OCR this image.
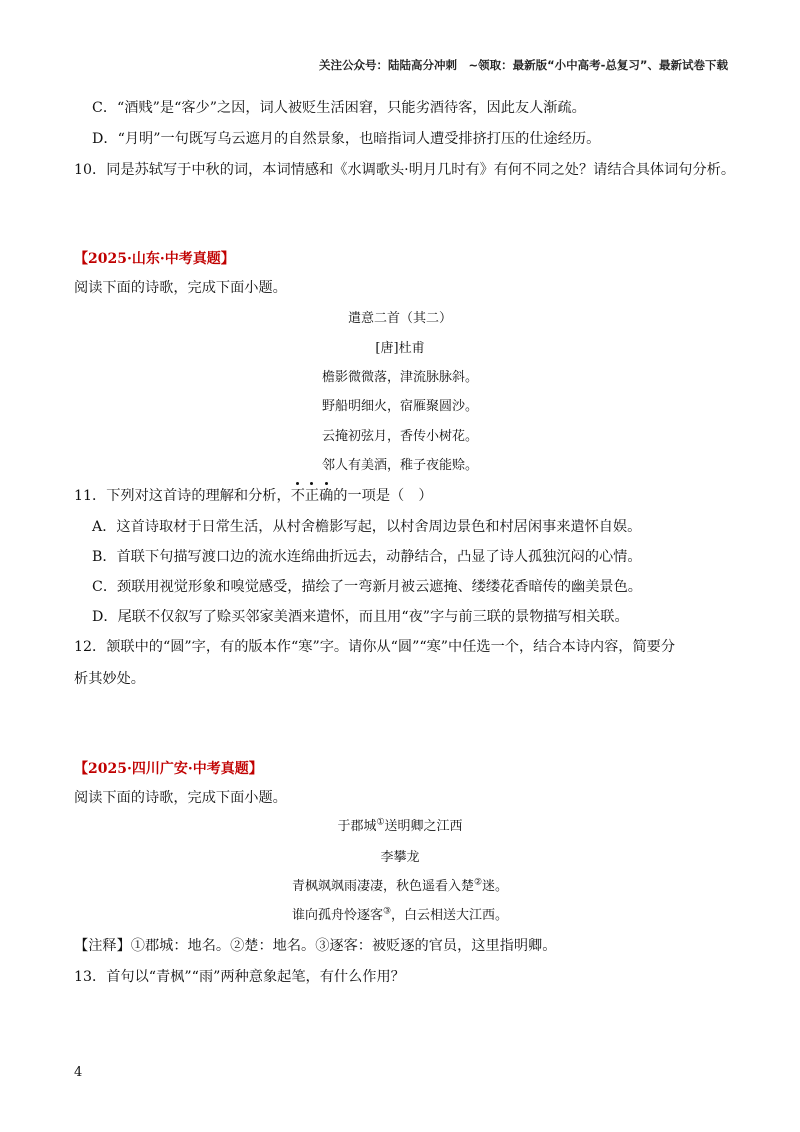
关注公众号：陆陆高分冲刺　~领取：最新版“小中高考-总复习”、最新试卷下载
C．“酒贱”是“客少”之因，词人被贬生活困窘，只能劣酒待客，因此友人渐疏。
D．“月明”一句既写乌云遮月的自然景象，也暗指词人遭受排挤打压的仕途经历。
10．同是苏轼写于中秋的词，本词情感和《水调歌头·明月几时有》有何不同之处？请结合具体词句分析。
【2025·山东·中考真题】
阅读下面的诗歌，完成下面小题。
遣意二首（其二）
[唐]杜甫
檐影微微落，津流脉脉斜。
野船明细火，宿雁聚圆沙。
云掩初弦月，香传小树花。
邻人有美酒，稚子夜能赊。
11．下列对这首诗的理解和分析，不正确的一项是（　）
A．这首诗取材于日常生活，从村舍檐影写起，以村舍周边景色和村居闲事来遣怀自娱。
B．首联下句描写渡口边的流水连绵曲折远去，动静结合，凸显了诗人孤独沉闷的心情。
C．颈联用视觉形象和嗅觉感受，描绘了一弯新月被云遮掩、缕缕花香暗传的幽美景色。
D．尾联不仅叙写了赊买邻家美酒来遣怀，而且用“夜”字与前三联的景物描写相关联。
12．颔联中的“圆”字，有的版本作“寒”字。请你从“圆”“寒”中任选一个，结合本诗内容，简要分
析其妙处。
【2025·四川广安·中考真题】
阅读下面的诗歌，完成下面小题。
于郡城①送明卿之江西
李攀龙
青枫飒飒雨凄凄，秋色遥看入楚②迷。
谁向孤舟怜逐客③，白云相送大江西。
【注释】①郡城：地名。②楚：地名。③逐客：被贬逐的官员，这里指明卿。
13．首句以“青枫”“雨”两种意象起笔，有什么作用？
4
